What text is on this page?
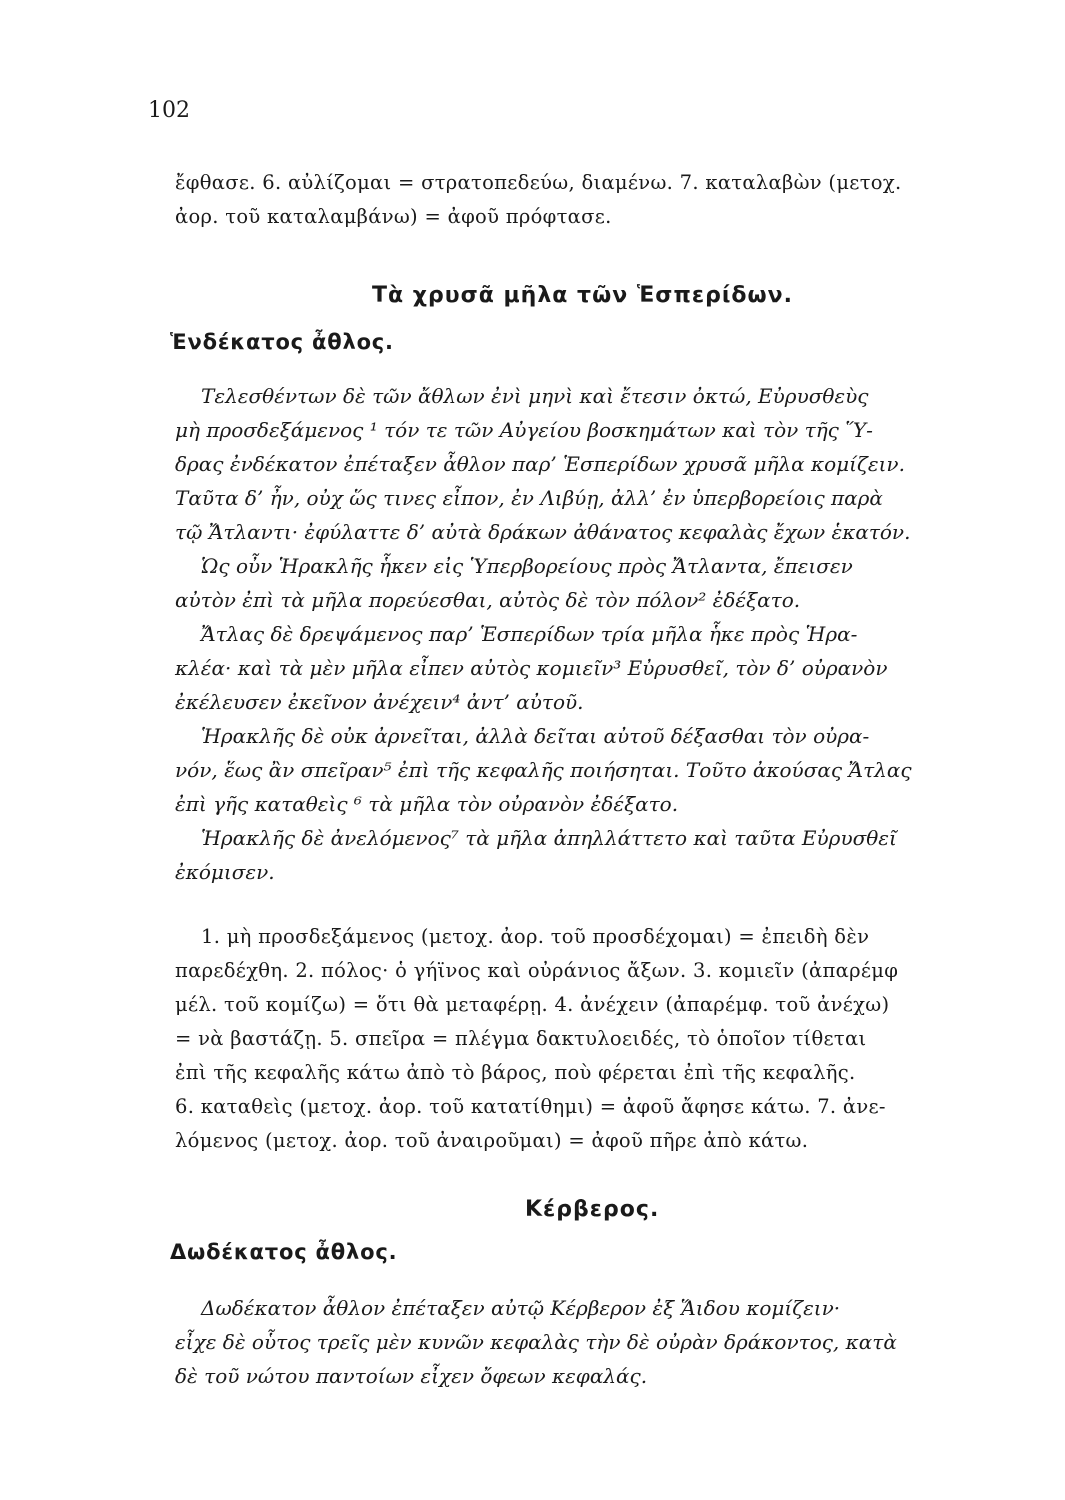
102
ἔφθασε. 6. αὐλίζομαι = στρατοπεδεύω, διαμένω. 7. καταλαβὼν (μετοχ.
ἀορ. τοῦ καταλαμβάνω) = ἀφοῦ πρόφτασε.
Τὰ χρυσᾶ μῆλα τῶν Ἑσπερίδων.
Ἑνδέκατος ἆθλος.
Τελεσθέντων δὲ τῶν ἄθλων ἐνὶ μηνὶ καὶ ἔτεσιν ὀκτώ, Εὐρυσθεὺς
μὴ προσδεξάμενος ¹ τόν τε τῶν Αὐγείου βοσκημάτων καὶ τὸν τῆς Ὕ-
δρας ἐνδέκατον ἐπέταξεν ἆθλον παρ’ Ἑσπερίδων χρυσᾶ μῆλα κομίζειν.
Ταῦτα δ’ ἦν, οὐχ ὥς τινες εἶπον, ἐν Λιβύῃ, ἀλλ’ ἐν ὑπερβορείοις παρὰ
τῷ Ἄτλαντι· ἐφύλαττε δ’ αὐτὰ δράκων ἀθάνατος κεφαλὰς ἔχων ἑκατόν.
Ὡς οὖν Ἡρακλῆς ἧκεν εἰς Ὑπερβορείους πρὸς Ἄτλαντα, ἔπεισεν
αὐτὸν ἐπὶ τὰ μῆλα πορεύεσθαι, αὐτὸς δὲ τὸν πόλον² ἐδέξατο.
Ἄτλας δὲ δρεψάμενος παρ’ Ἑσπερίδων τρία μῆλα ἧκε πρὸς Ἡρα-
κλέα· καὶ τὰ μὲν μῆλα εἶπεν αὐτὸς κομιεῖν³ Εὐρυσθεῖ, τὸν δ’ οὐρανὸν
ἐκέλευσεν ἐκεῖνον ἀνέχειν⁴ ἀντ’ αὐτοῦ.
Ἡρακλῆς δὲ οὐκ ἀρνεῖται, ἀλλὰ δεῖται αὐτοῦ δέξασθαι τὸν οὐρα-
νόν, ἕως ἂν σπεῖραν⁵ ἐπὶ τῆς κεφαλῆς ποιήσηται. Τοῦτο ἀκούσας Ἄτλας
ἐπὶ γῆς καταθεὶς ⁶ τὰ μῆλα τὸν οὐρανὸν ἐδέξατο.
Ἡρακλῆς δὲ ἀνελόμενος⁷ τὰ μῆλα ἀπηλλάττετο καὶ ταῦτα Εὐρυσθεῖ
ἐκόμισεν.
1. μὴ προσδεξάμενος (μετοχ. ἀορ. τοῦ προσδέχομαι) = ἐπειδὴ δὲν
παρεδέχθη. 2. πόλος· ὁ γήϊνος καὶ οὐράνιος ἄξων. 3. κομιεῖν (ἀπαρέμφ
μέλ. τοῦ κομίζω) = ὅτι θὰ μεταφέρῃ. 4. ἀνέχειν (ἀπαρέμφ. τοῦ ἀνέχω)
= νὰ βαστάζῃ. 5. σπεῖρα = πλέγμα δακτυλοειδές, τὸ ὁποῖον τίθεται
ἐπὶ τῆς κεφαλῆς κάτω ἀπὸ τὸ βάρος, ποὺ φέρεται ἐπὶ τῆς κεφαλῆς.
6. καταθεὶς (μετοχ. ἀορ. τοῦ κατατίθημι) = ἀφοῦ ἄφησε κάτω. 7. ἀνε-
λόμενος (μετοχ. ἀορ. τοῦ ἀναιροῦμαι) = ἀφοῦ πῆρε ἀπὸ κάτω.
Κέρβερος.
Δωδέκατος ἆθλος.
Δωδέκατον ἆθλον ἐπέταξεν αὐτῷ Κέρβερον ἐξ Ἅιδου κομίζειν·
εἶχε δὲ οὗτος τρεῖς μὲν κυνῶν κεφαλὰς τὴν δὲ οὐρὰν δράκοντος, κατὰ
δὲ τοῦ νώτου παντοίων εἶχεν ὄφεων κεφαλάς.
